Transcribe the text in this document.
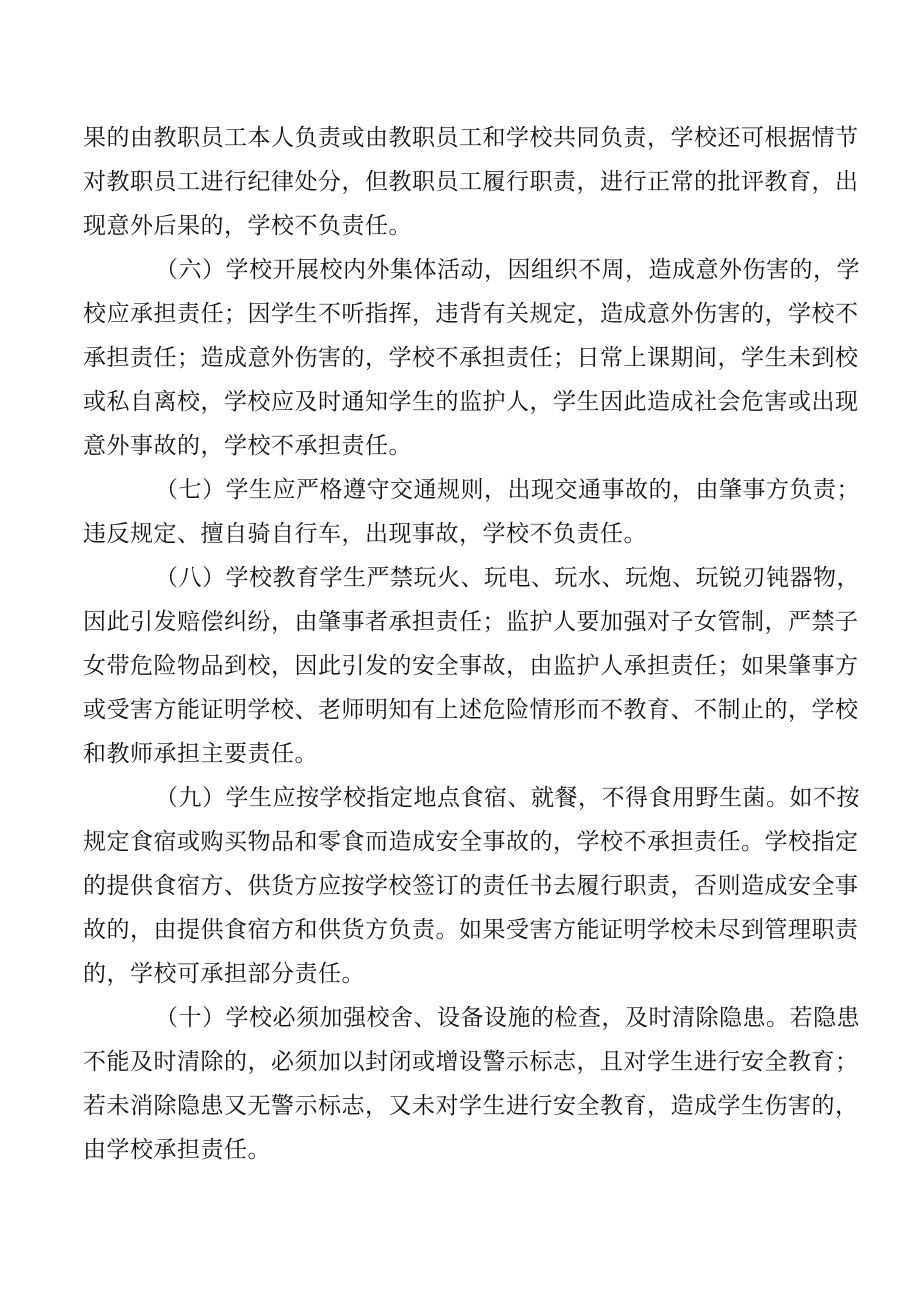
果 的 由 教 职 员 工 本 人 负 责 或 由 教 职 员 工 和 学 校 共 同 负 责 ， 学 校 还 可 根 据 情 节
对 教 职 员 工 进 行 纪 律 处 分 ， 但 教 职 员 工 履 行 职 责 ， 进 行 正 常 的 批 评 教 育 ， 出
现意外后果的，学校不负责任。
（ 六 ） 学 校 开 展 校 内 外 集 体 活 动 ， 因 组 织 不 周 ， 造 成 意 外 伤 害 的 ， 学
校 应 承 担 责 任 ； 因 学 生 不 听 指 挥 ， 违 背 有 关 规 定 ， 造 成 意 外 伤 害 的 ， 学 校 不
承 担 责 任 ； 造 成 意 外 伤 害 的 ， 学 校 不 承 担 责 任 ； 日 常 上 课 期 间 ， 学 生 未 到 校
或 私 自 离 校 ， 学 校 应 及 时 通 知 学 生 的 监 护 人 ， 学 生 因 此 造 成 社 会 危 害 或 出 现
意外事故的，学校不承担责任。
（ 七 ） 学 生 应 严 格 遵 守 交 通 规 则 ， 出 现 交 通 事 故 的 ， 由 肇 事 方 负 责 ；
违反规定、擅自骑自行车，出现事故，学校不负责任。
（ 八 ） 学 校 教 育 学 生 严 禁 玩 火 、 玩 电 、 玩 水 、 玩 炮 、 玩 锐 刃 钝 器 物 ，
因 此 引 发 赔 偿 纠 纷 ， 由 肇 事 者 承 担 责 任 ； 监 护 人 要 加 强 对 子 女 管 制 ， 严 禁 子
女 带 危 险 物 品 到 校 ， 因 此 引 发 的 安 全 事 故 ， 由 监 护 人 承 担 责 任 ； 如 果 肇 事 方
或 受 害 方 能 证 明 学 校 、 老 师 明 知 有 上 述 危 险 情 形 而 不 教 育 、 不 制 止 的 ， 学 校
和教师承担主要责任。
（ 九 ） 学 生 应 按 学 校 指 定 地 点 食 宿 、 就 餐 ， 不 得 食 用 野 生 菌 。 如 不 按
规 定 食 宿 或 购 买 物 品 和 零 食 而 造 成 安 全 事 故 的 ， 学 校 不 承 担 责 任 。 学 校 指 定
的 提 供 食 宿 方 、 供 货 方 应 按 学 校 签 订 的 责 任 书 去 履 行 职 责 ， 否 则 造 成 安 全 事
故 的 ， 由 提 供 食 宿 方 和 供 货 方 负 责 。 如 果 受 害 方 能 证 明 学 校 未 尽 到 管 理 职 责
的，学校可承担部分责任。
（ 十 ） 学 校 必 须 加 强 校 舍 、 设 备 设 施 的 检 查 ， 及 时 清 除 隐 患 。 若 隐 患
不 能 及 时 清 除 的 ， 必 须 加 以 封 闭 或 增 设 警 示 标 志 ， 且 对 学 生 进 行 安 全 教 育 ；
若 未 消 除 隐 患 又 无 警 示 标 志 ， 又 未 对 学 生 进 行 安 全 教 育 ， 造 成 学 生 伤 害 的 ，
由学校承担责任。
